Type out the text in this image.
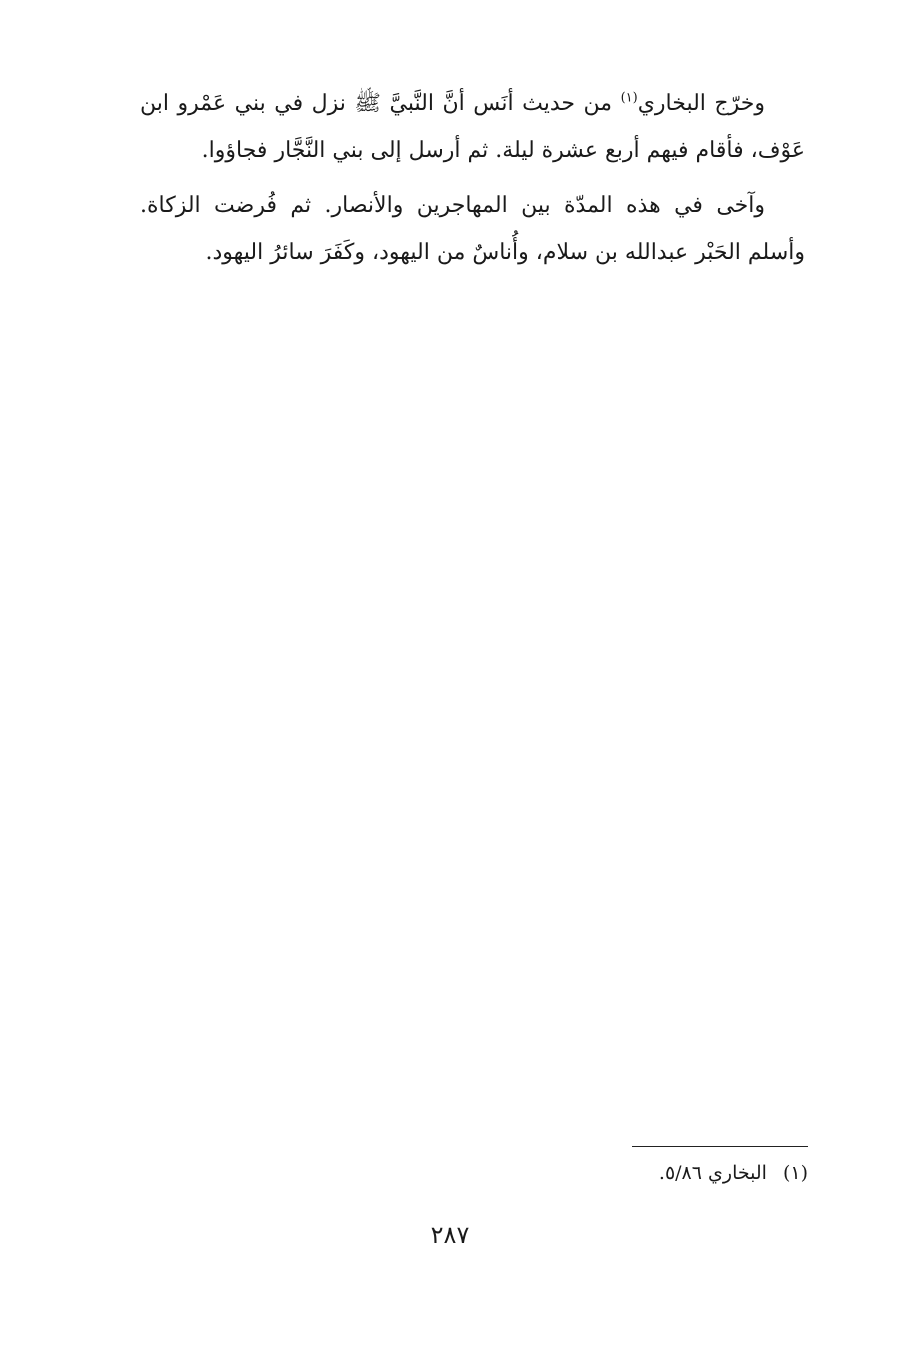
وخرّج البخاري$^{(١)}$ من حديث أنَس أنَّ النَّبيَّ ﷺ نزل في بني عَمْرو ابن عَوْف، فأقام فيهم أربع عشرة ليلة. ثم أرسل إلى بني النَّجَّار فجاؤوا.

وآخى في هذه المدّة بين المهاجرين والأنصار. ثم فُرضت الزكاة. وأسلم الحَبْر عبدالله بن سلام، وأُناسٌ من اليهود، وكَفَرَ سائرُ اليهود.

(١)البخاري ٥/٨٦.
٢٨٧
